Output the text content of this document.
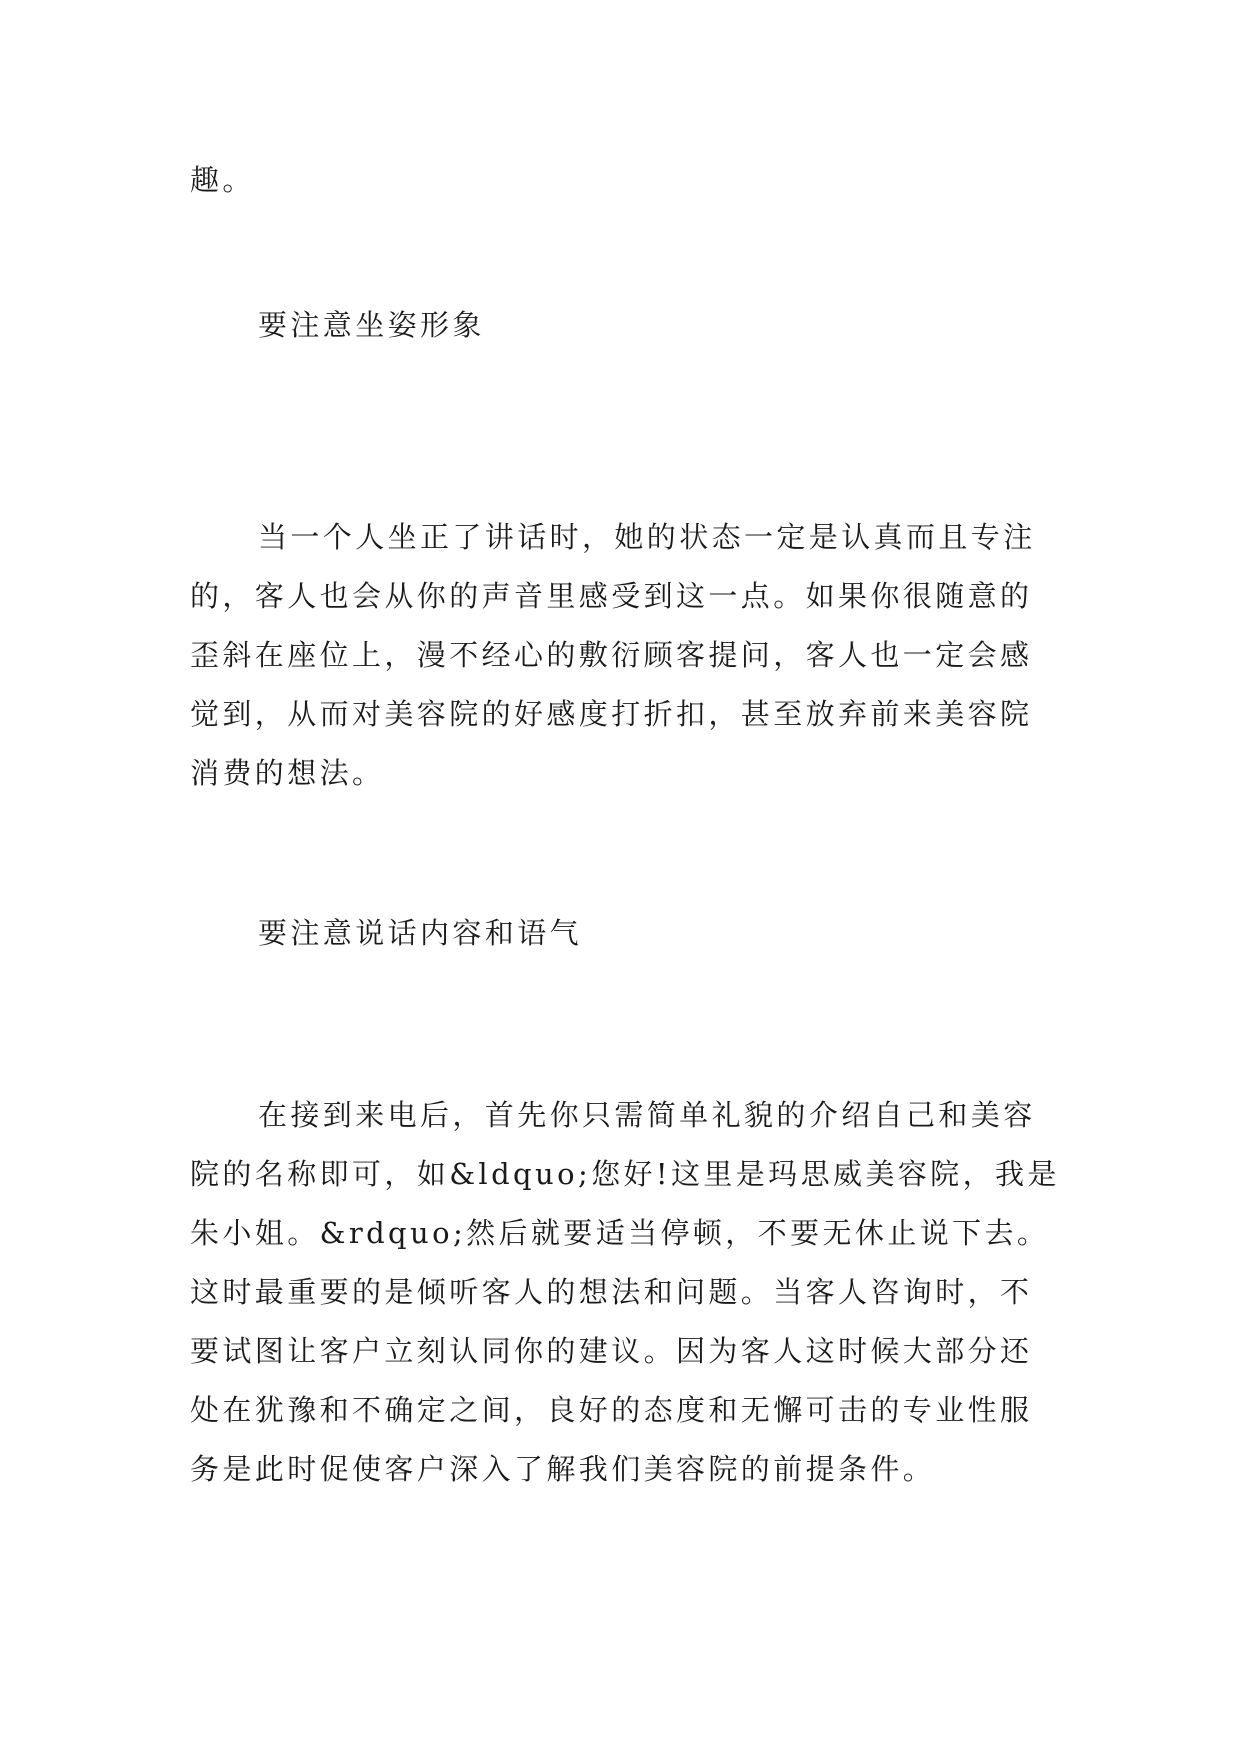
趣。

要注意坐姿形象

当一个人坐正了讲话时，她的状态一定是认真而且专注的，客人也会从你的声音里感受到这一点。如果你很随意的歪斜在座位上，漫不经心的敷衍顾客提问，客人也一定会感觉到，从而对美容院的好感度打折扣，甚至放弃前来美容院消费的想法。

要注意说话内容和语气

在接到来电后，首先你只需简单礼貌的介绍自己和美容院的名称即可，如&ldquo;您好!这里是玛思威美容院，我是朱小姐。&rdquo;然后就要适当停顿，不要无休止说下去。这时最重要的是倾听客人的想法和问题。当客人咨询时，不要试图让客户立刻认同你的建议。因为客人这时候大部分还处在犹豫和不确定之间，良好的态度和无懈可击的专业性服务是此时促使客户深入了解我们美容院的前提条件。
